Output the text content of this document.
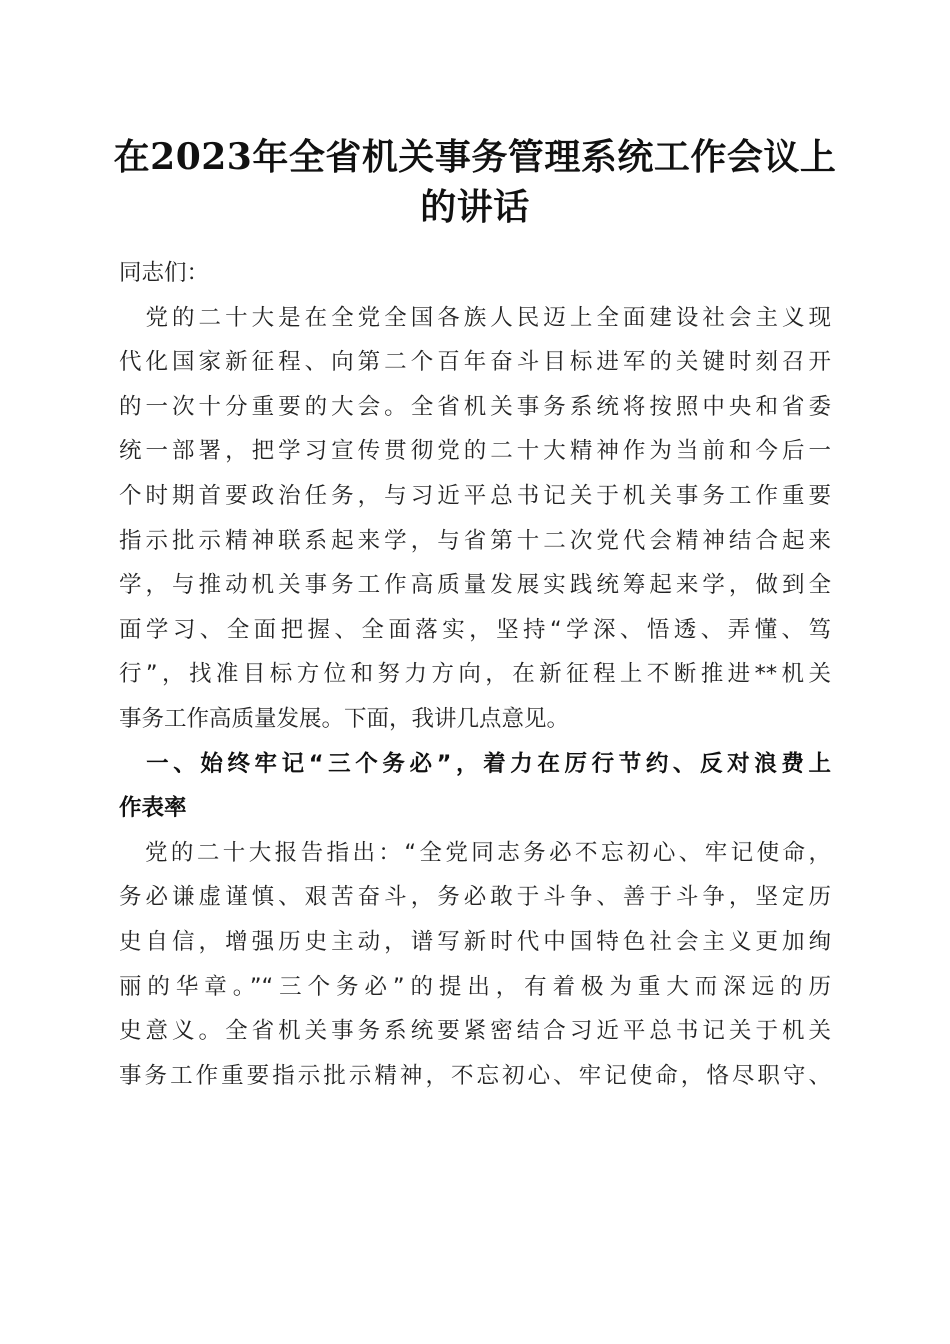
在2023年全省机关事务管理系统工作会议上
的讲话
同志们：
　党的二十大是在全党全国各族人民迈上全面建设社会主义现
代化国家新征程、向第二个百年奋斗目标进军的关键时刻召开
的一次十分重要的大会。全省机关事务系统将按照中央和省委
统一部署，把学习宣传贯彻党的二十大精神作为当前和今后一
个时期首要政治任务，与习近平总书记关于机关事务工作重要
指示批示精神联系起来学，与省第十二次党代会精神结合起来
学，与推动机关事务工作高质量发展实践统筹起来学，做到全
面学习、全面把握、全面落实，坚持“学深、悟透、弄懂、笃
行”，找准目标方位和努力方向，在新征程上不断推进**机关
事务工作高质量发展。下面，我讲几点意见。
　一、始终牢记“三个务必”，着力在厉行节约、反对浪费上
作表率
　党的二十大报告指出：“全党同志务必不忘初心、牢记使命，
务必谦虚谨慎、艰苦奋斗，务必敢于斗争、善于斗争，坚定历
史自信，增强历史主动，谱写新时代中国特色社会主义更加绚
丽的华章。”“三个务必”的提出，有着极为重大而深远的历
史意义。全省机关事务系统要紧密结合习近平总书记关于机关
事务工作重要指示批示精神，不忘初心、牢记使命，恪尽职守、
